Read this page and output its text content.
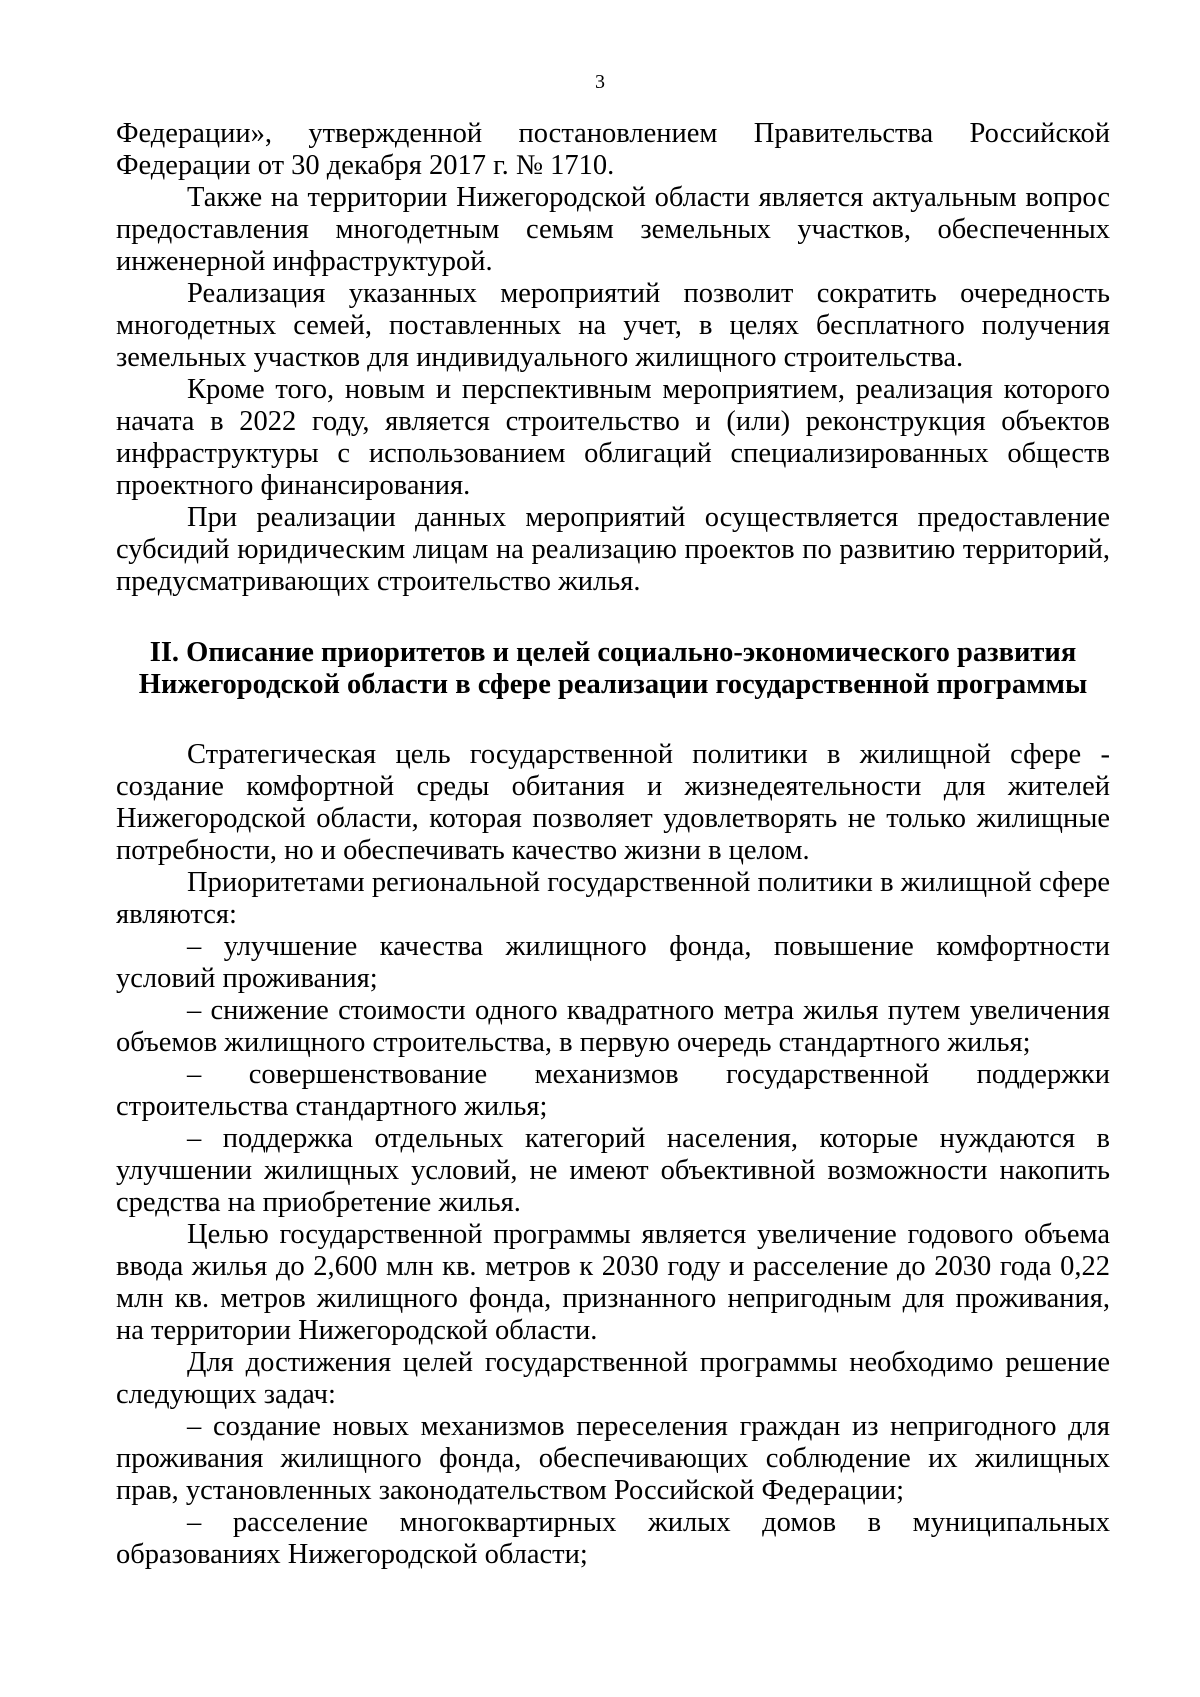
3

Федерации», утвержденной постановлением Правительства Российской Федерации от 30 декабря 2017 г. № 1710.

Также на территории Нижегородской области является актуальным вопрос предоставления многодетным семьям земельных участков, обеспеченных инженерной инфраструктурой.

Реализация указанных мероприятий позволит сократить очередность многодетных семей, поставленных на учет, в целях бесплатного получения земельных участков для индивидуального жилищного строительства.

Кроме того, новым и перспективным мероприятием, реализация которого начата в 2022 году, является строительство и (или) реконструкция объектов инфраструктуры с использованием облигаций специализированных обществ проектного финансирования.

При реализации данных мероприятий осуществляется предоставление субсидий юридическим лицам на реализацию проектов по развитию территорий, предусматривающих строительство жилья.

II. Описание приоритетов и целей социально-экономического развития
Нижегородской области в сфере реализации государственной программы

Стратегическая цель государственной политики в жилищной сфере - создание комфортной среды обитания и жизнедеятельности для жителей Нижегородской области, которая позволяет удовлетворять не только жилищные потребности, но и обеспечивать качество жизни в целом.

Приоритетами региональной государственной политики в жилищной сфере являются:

– улучшение качества жилищного фонда, повышение комфортности условий проживания;

– снижение стоимости одного квадратного метра жилья путем увеличения объемов жилищного строительства, в первую очередь стандартного жилья;

– совершенствование механизмов государственной поддержки строительства стандартного жилья;

– поддержка отдельных категорий населения, которые нуждаются в улучшении жилищных условий, не имеют объективной возможности накопить средства на приобретение жилья.

Целью государственной программы является увеличение годового объема ввода жилья до 2,600 млн кв. метров к 2030 году и расселение до 2030 года 0,22 млн кв. метров жилищного фонда, признанного непригодным для проживания, на территории Нижегородской области.

Для достижения целей государственной программы необходимо решение следующих задач:

– создание новых механизмов переселения граждан из непригодного для проживания жилищного фонда, обеспечивающих соблюдение их жилищных прав, установленных законодательством Российской Федерации;

– расселение многоквартирных жилых домов в муниципальных образованиях Нижегородской области;
